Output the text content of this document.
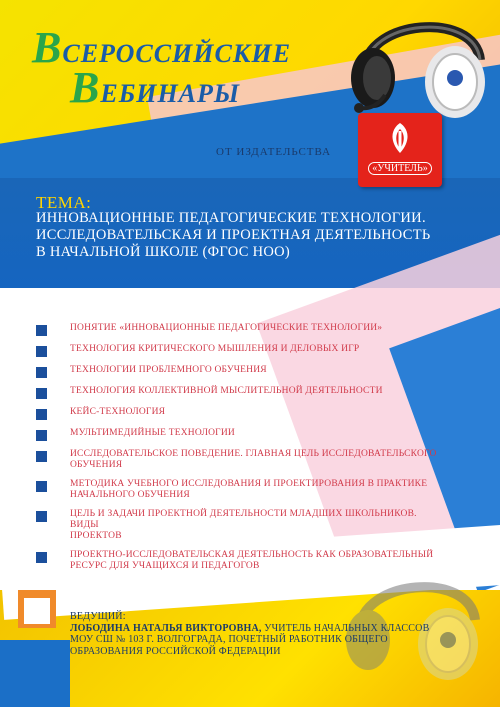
ВСЕРОССИЙСКИЕ
ВЕБИНАРЫ
ОТ ИЗДАТЕЛЬСТВА
«УЧИТЕЛЬ»
ТЕМА:
ИННОВАЦИОННЫЕ ПЕДАГОГИЧЕСКИЕ ТЕХНОЛОГИИ.
ИССЛЕДОВАТЕЛЬСКАЯ И ПРОЕКТНАЯ ДЕЯТЕЛЬНОСТЬ
В НАЧАЛЬНОЙ ШКОЛЕ (ФГОС НОО)
ПОНЯТИЕ «ИННОВАЦИОННЫЕ ПЕДАГОГИЧЕСКИЕ ТЕХНОЛОГИИ»
ТЕХНОЛОГИЯ КРИТИЧЕСКОГО МЫШЛЕНИЯ И ДЕЛОВЫХ ИГР
ТЕХНОЛОГИИ ПРОБЛЕМНОГО ОБУЧЕНИЯ
ТЕХНОЛОГИЯ КОЛЛЕКТИВНОЙ МЫСЛИТЕЛЬНОЙ ДЕЯТЕЛЬНОСТИ
КЕЙС-ТЕХНОЛОГИЯ
МУЛЬТИМЕДИЙНЫЕ ТЕХНОЛОГИИ
ИССЛЕДОВАТЕЛЬСКОЕ ПОВЕДЕНИЕ. ГЛАВНАЯ ЦЕЛЬ ИССЛЕДОВАТЕЛЬСКОГО
ОБУЧЕНИЯ
МЕТОДИКА УЧЕБНОГО ИССЛЕДОВАНИЯ И ПРОЕКТИРОВАНИЯ В ПРАКТИКЕ
НАЧАЛЬНОГО ОБУЧЕНИЯ
ЦЕЛЬ И ЗАДАЧИ ПРОЕКТНОЙ ДЕЯТЕЛЬНОСТИ МЛАДШИХ ШКОЛЬНИКОВ. ВИДЫ
ПРОЕКТОВ
ПРОЕКТНО-ИССЛЕДОВАТЕЛЬСКАЯ ДЕЯТЕЛЬНОСТЬ КАК ОБРАЗОВАТЕЛЬНЫЙ
РЕСУРС ДЛЯ УЧАЩИХСЯ И ПЕДАГОГОВ
ВЕДУЩИЙ:
ЛОБОДИНА НАТАЛЬЯ ВИКТОРОВНА, УЧИТЕЛЬ НАЧАЛЬНЫХ КЛАССОВ
МОУ СШ № 103 Г. ВОЛГОГРАДА, ПОЧЕТНЫЙ РАБОТНИК ОБЩЕГО
ОБРАЗОВАНИЯ РОССИЙСКОЙ ФЕДЕРАЦИИ
